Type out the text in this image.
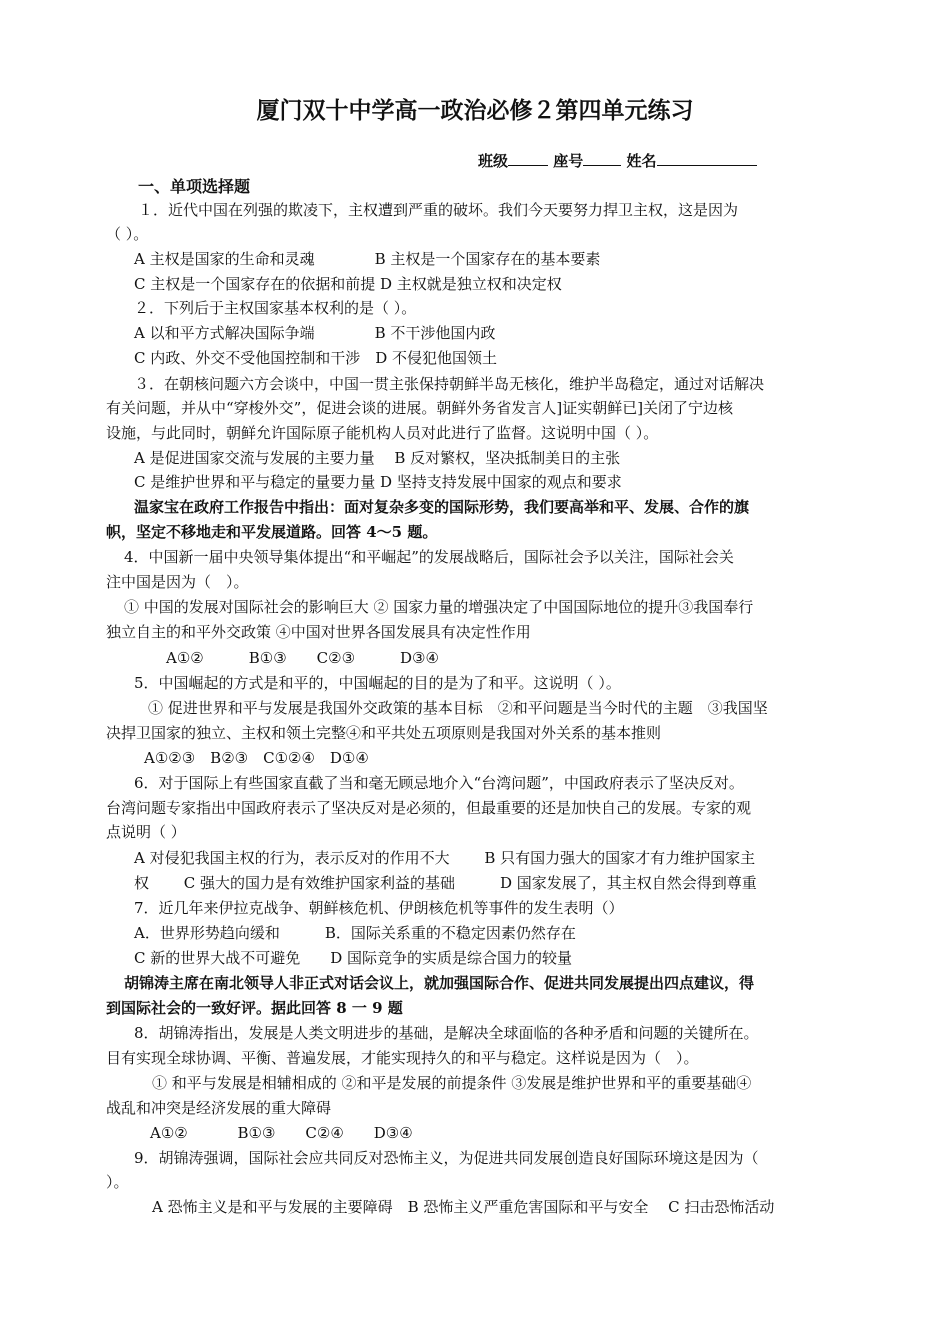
厦门双十中学高一政治必修２第四单元练习
班级	座号	姓名
一、单项选择题
１．近代中国在列强的欺凌下，主权遭到严重的破坏。我们今天要努力捍卫主权，这是因为
（ ）。
A 主权是国家的生命和灵魂　　　　B 主权是一个国家存在的基本要素
C 主权是一个国家存在的依据和前提 D 主权就是独立权和决定权
２．下列后于主权国家基本权利的是（ ）。
A 以和平方式解决国际争端　　　　B 不干涉他国内政
C 内政、外交不受他国控制和干涉　D 不侵犯他国领土
３．在朝核问题六方会谈中，中国一贯主张保持朝鲜半岛无核化，维护半岛稳定，通过对话解决
有关问题，并从中“穿梭外交”，促进会谈的进展。朝鲜外务省发言人]证实朝鲜已]关闭了宁边核
设施，与此同时，朝鲜允许国际原子能机构人员对此进行了监督。这说明中国（ ）。
A 是促进国家交流与发展的主要力量　 B 反对繁权，坚决抵制美日的主张
C 是维护世界和平与稳定的量要力量 D 坚持支持发展中国家的观点和要求
温家宝在政府工作报告中指出：面对复杂多变的国际形势，我们要高举和平、发展、合作的旗
帜，坚定不移地走和平发展道路。回答 4～5 题。
4．中国新一届中央领导集体提出“和平崛起”的发展战略后，国际社会予以关注，国际社会关
注中国是因为（　）。
① 中国的发展对国际社会的影响巨大 ② 国家力量的增强决定了中国国际地位的提升③我国奉行
独立自主的和平外交政策 ④中国对世界各国发展具有决定性作用
A①②　　　B①③　　C②③　　　D③④
5．中国崛起的方式是和平的，中国崛起的目的是为了和平。这说明（ ）。
① 促进世界和平与发展是我国外交政策的基本目标　②和平问题是当今时代的主题　③我国坚
决捍卫国家的独立、主权和领土完整④和平共处五项原则是我国对外关系的基本推则
A①②③　B②③　C①②④　D①④
6．对于国际上有些国家直截了当和毫无顾忌地介入“台湾问题”，中国政府表示了坚决反对。
台湾问题专家指出中国政府表示了坚决反对是必须的，但最重要的还是加快自己的发展。专家的观
点说明（ ）
A 对侵犯我国主权的行为，表示反对的作用不大　　 B 只有国力强大的国家才有力维护国家主
权　　 C 强大的国力是有效维护国家利益的基础　　　D 国家发展了，其主权自然会得到尊重
7．近几年来伊拉克战争、朝鲜核危机、伊朗核危机等事件的发生表明（）
A．世界形势趋向缓和　　　B．国际关系重的不稳定因素仍然存在
C 新的世界大战不可避免　　D 国际竞争的实质是综合国力的较量
胡锦涛主席在南北领导人非正式对话会议上，就加强国际合作、促进共同发展提出四点建议，得
到国际社会的一致好评。据此回答 8 一 9 题
8．胡锦涛指出，发展是人类文明进步的基础，是解决全球面临的各种矛盾和问题的关键所在。
目有实现全球协调、平衡、普遍发展，才能实现持久的和平与稳定。这样说是因为（　）。
① 和平与发展是相辅相成的 ②和平是发展的前提条件 ③发展是维护世界和平的重要基础④
战乱和冲突是经济发展的重大障碍
A①②　　　 B①③　　C②④　　D③④
9．胡锦涛强调，国际社会应共同反对恐怖主义，为促进共同发展创造良好国际环境这是因为（
）。
A 恐怖主义是和平与发展的主要障碍　B 恐怖主义严重危害国际和平与安全　 C 扫击恐怖活动
